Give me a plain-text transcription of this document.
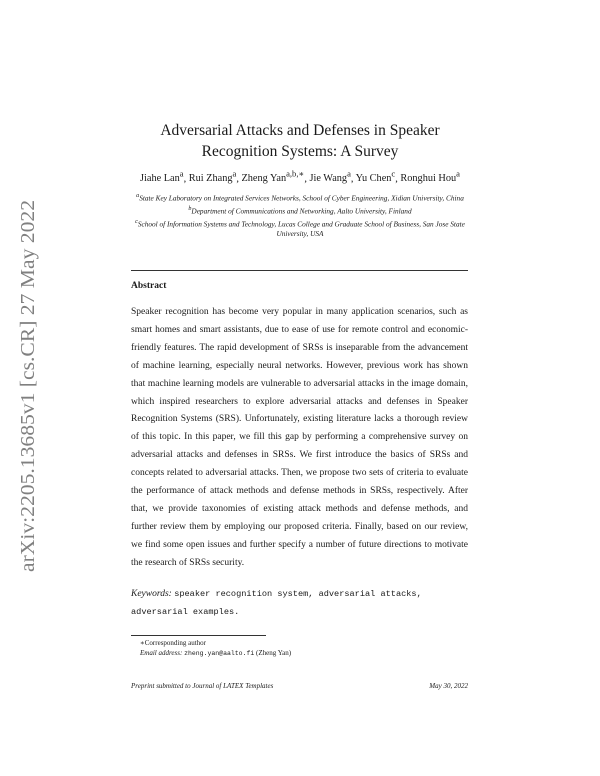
arXiv:2205.13685v1 [cs.CR] 27 May 2022
Adversarial Attacks and Defenses in Speaker
Recognition Systems: A Survey
Jiahe Lan$^a$, Rui Zhang$^a$, Zheng Yan$^{a,b,∗}$, Jie Wang$^a$, Yu Chen$^c$, Ronghui Hou$^a$
$^a$State Key Laboratory on Integrated Services Networks, School of Cyber Engineering, Xidian University, China
$^b$Department of Communications and Networking, Aalto University, Finland
$^c$School of Information Systems and Technology, Lucas College and Graduate School of Business, San Jose State University, USA
Abstract
Speaker recognition has become very popular in many application scenarios, such as smart homes and smart assistants, due to ease of use for remote control and economic-friendly features. The rapid development of SRSs is inseparable from the advancement of machine learning, especially neural networks. However, previous work has shown that machine learning models are vulnerable to adversarial attacks in the image domain, which inspired researchers to explore adversarial attacks and defenses in Speaker Recognition Systems (SRS). Unfortunately, existing literature lacks a thorough review of this topic. In this paper, we fill this gap by performing a comprehensive survey on adversarial attacks and defenses in SRSs. We first introduce the basics of SRSs and concepts related to adversarial attacks. Then, we propose two sets of criteria to evaluate the performance of attack methods and defense methods in SRSs, respectively. After that, we provide taxonomies of existing attack methods and defense methods, and further review them by employing our proposed criteria. Finally, based on our review, we find some open issues and further specify a number of future directions to motivate the research of SRSs security.
Keywords: speaker recognition system, adversarial attacks, adversarial examples.
∗Corresponding author
Email address: zheng.yan@aalto.fi (Zheng Yan)
Preprint submitted to Journal of LATEX Templates	May 30, 2022
